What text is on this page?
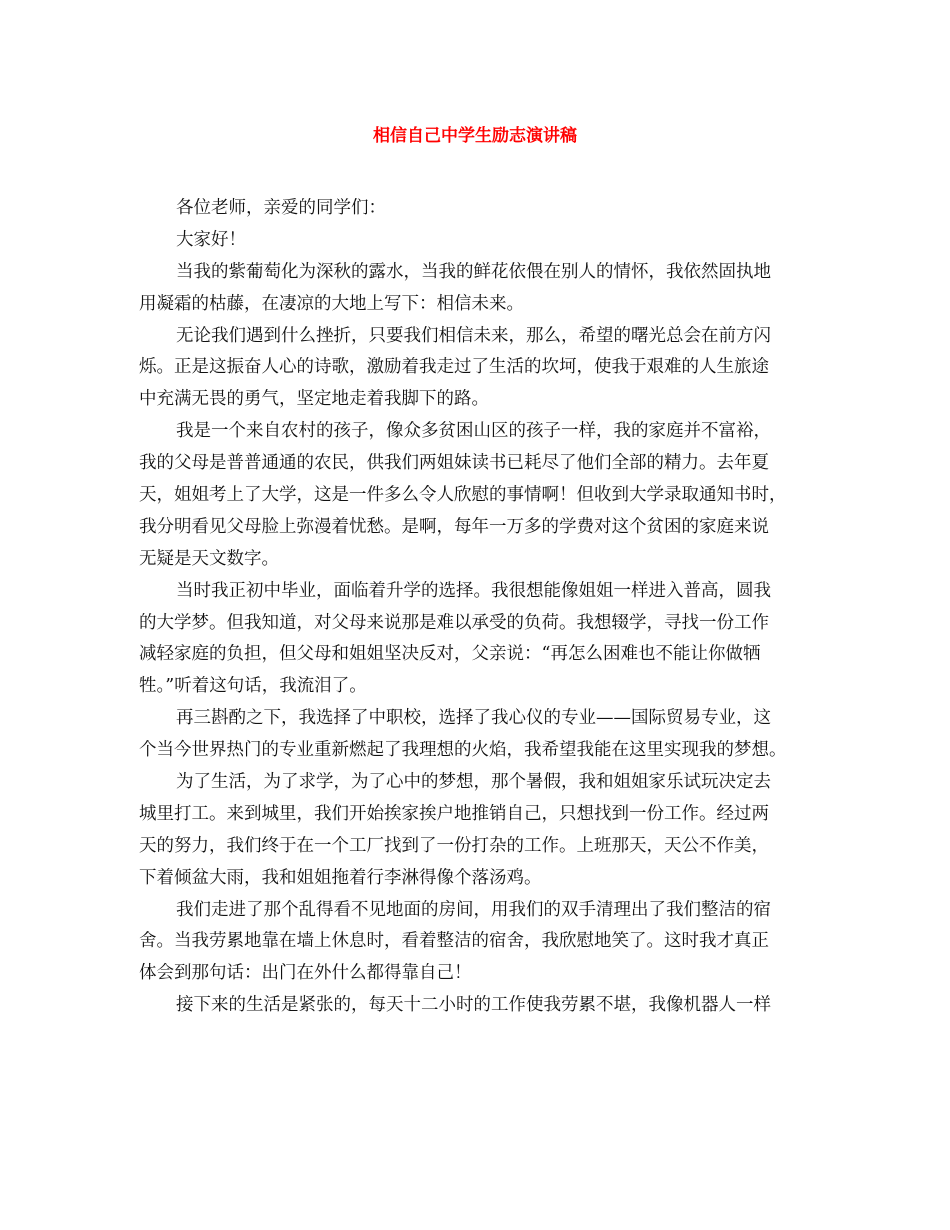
相信自己中学生励志演讲稿
各位老师，亲爱的同学们：
大家好！
当我的紫葡萄化为深秋的露水，当我的鲜花依偎在别人的情怀，我依然固执地
用凝霜的枯藤，在凄凉的大地上写下：相信未来。
无论我们遇到什么挫折，只要我们相信未来，那么，希望的曙光总会在前方闪
烁。正是这振奋人心的诗歌，激励着我走过了生活的坎坷，使我于艰难的人生旅途
中充满无畏的勇气，坚定地走着我脚下的路。
我是一个来自农村的孩子，像众多贫困山区的孩子一样，我的家庭并不富裕，
我的父母是普普通通的农民，供我们两姐妹读书已耗尽了他们全部的精力。去年夏
天，姐姐考上了大学，这是一件多么令人欣慰的事情啊！但收到大学录取通知书时，
我分明看见父母脸上弥漫着忧愁。是啊，每年一万多的学费对这个贫困的家庭来说
无疑是天文数字。
当时我正初中毕业，面临着升学的选择。我很想能像姐姐一样进入普高，圆我
的大学梦。但我知道，对父母来说那是难以承受的负荷。我想辍学，寻找一份工作
减轻家庭的负担，但父母和姐姐坚决反对，父亲说：“再怎么困难也不能让你做牺
牲。”听着这句话，我流泪了。
再三斟酌之下，我选择了中职校，选择了我心仪的专业——国际贸易专业，这
个当今世界热门的专业重新燃起了我理想的火焰，我希望我能在这里实现我的梦想。
为了生活，为了求学，为了心中的梦想，那个暑假，我和姐姐家乐试玩决定去
城里打工。来到城里，我们开始挨家挨户地推销自己，只想找到一份工作。经过两
天的努力，我们终于在一个工厂找到了一份打杂的工作。上班那天，天公不作美，
下着倾盆大雨，我和姐姐拖着行李淋得像个落汤鸡。
我们走进了那个乱得看不见地面的房间，用我们的双手清理出了我们整洁的宿
舍。当我劳累地靠在墙上休息时，看着整洁的宿舍，我欣慰地笑了。这时我才真正
体会到那句话：出门在外什么都得靠自己！
接下来的生活是紧张的，每天十二小时的工作使我劳累不堪，我像机器人一样
